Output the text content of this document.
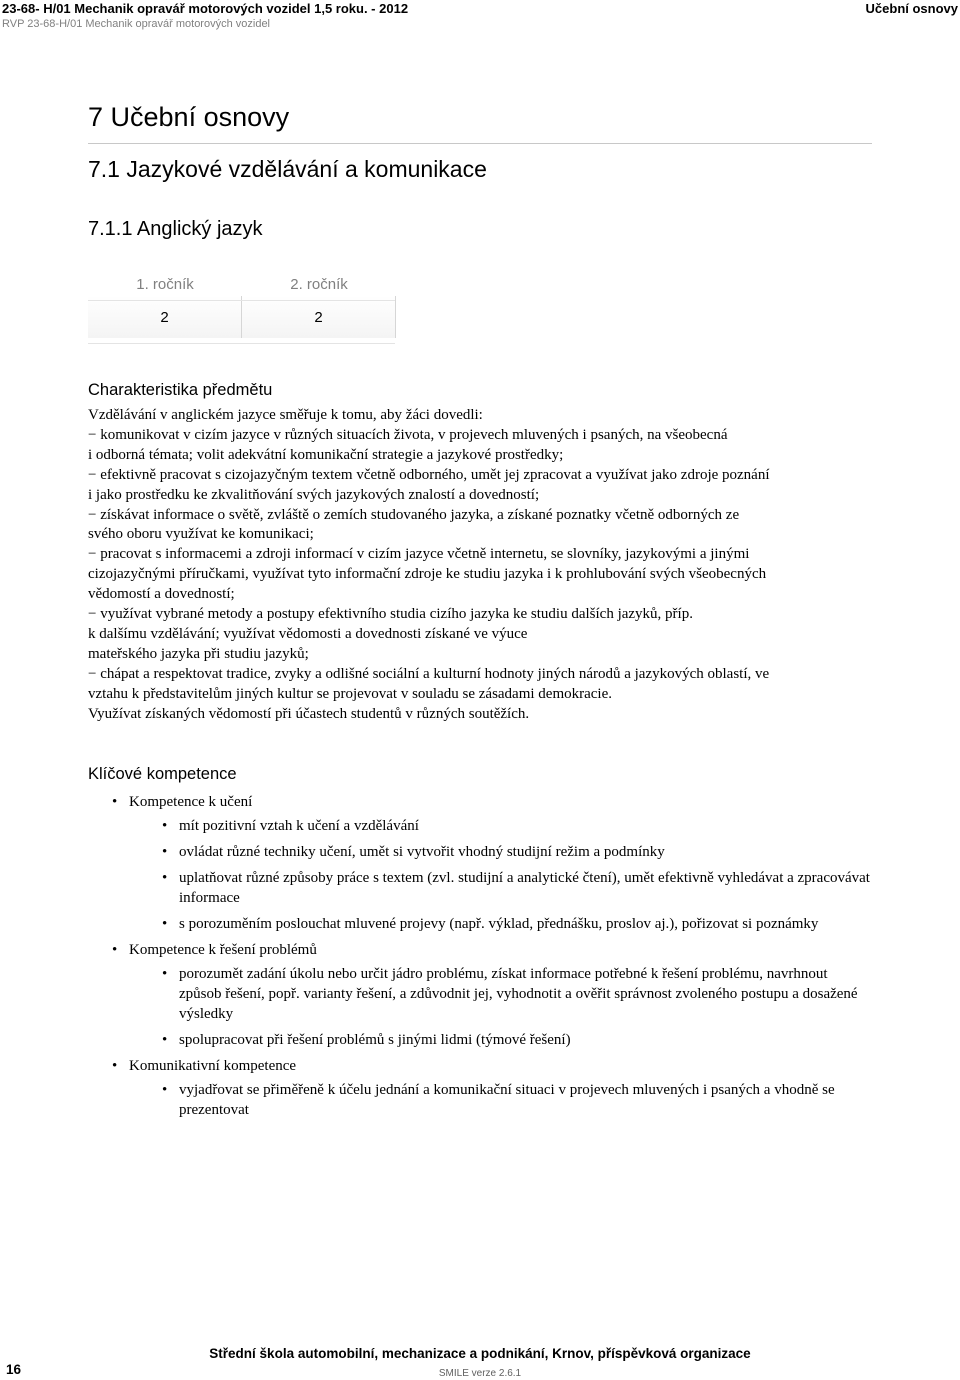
23-68- H/01 Mechanik opravář motorových vozidel 1,5 roku. - 2012
RVP 23-68-H/01 Mechanik opravář motorových vozidel
Učební osnovy
7 Učební osnovy
7.1 Jazykové vzdělávání a komunikace
7.1.1 Anglický jazyk
1. ročník	2. ročník
2	2
Charakteristika předmětu
Vzdělávání v anglickém jazyce směřuje k tomu, aby žáci dovedli:
− komunikovat v cizím jazyce v různých situacích života, v projevech mluvených i psaných, na všeobecná
i odborná témata; volit adekvátní komunikační strategie a jazykové prostředky;
− efektivně pracovat s cizojazyčným textem včetně odborného, umět jej zpracovat a využívat jako zdroje poznání
i jako prostředku ke zkvalitňování svých jazykových znalostí a dovedností;
− získávat informace o světě, zvláště o zemích studovaného jazyka, a získané poznatky včetně odborných ze
svého oboru využívat ke komunikaci;
− pracovat s informacemi a zdroji informací v cizím jazyce včetně internetu, se slovníky, jazykovými a jinými
cizojazyčnými příručkami, využívat tyto informační zdroje ke studiu jazyka i k prohlubování svých všeobecných
vědomostí a dovedností;
− využívat vybrané metody a postupy efektivního studia cizího jazyka ke studiu dalších jazyků, příp.
k dalšímu vzdělávání; využívat vědomosti a dovednosti získané ve výuce
mateřského jazyka při studiu jazyků;
− chápat a respektovat tradice, zvyky a odlišné sociální a kulturní hodnoty jiných národů a jazykových oblastí, ve
vztahu k představitelům jiných kultur se projevovat v souladu se zásadami demokracie.
Využívat získaných vědomostí při účastech studentů v různých soutěžích.
Klíčové kompetence
• Kompetence k učení
• mít pozitivní vztah k učení a vzdělávání
• ovládat různé techniky učení, umět si vytvořit vhodný studijní režim a podmínky
• uplatňovat různé způsoby práce s textem (zvl. studijní a analytické čtení), umět efektivně vyhledávat a zpracovávat informace
• s porozuměním poslouchat mluvené projevy (např. výklad, přednášku, proslov aj.), pořizovat si poznámky
• Kompetence k řešení problémů
• porozumět zadání úkolu nebo určit jádro problému, získat informace potřebné k řešení problému, navrhnout způsob řešení, popř. varianty řešení, a zdůvodnit jej, vyhodnotit a ověřit správnost zvoleného postupu a dosažené výsledky
• spolupracovat při řešení problémů s jinými lidmi (týmové řešení)
• Komunikativní kompetence
• vyjadřovat se přiměřeně k účelu jednání a komunikační situaci v projevech mluvených i psaných a vhodně se prezentovat
16
Střední škola automobilní, mechanizace a podnikání, Krnov, příspěvková organizace
SMILE verze 2.6.1
